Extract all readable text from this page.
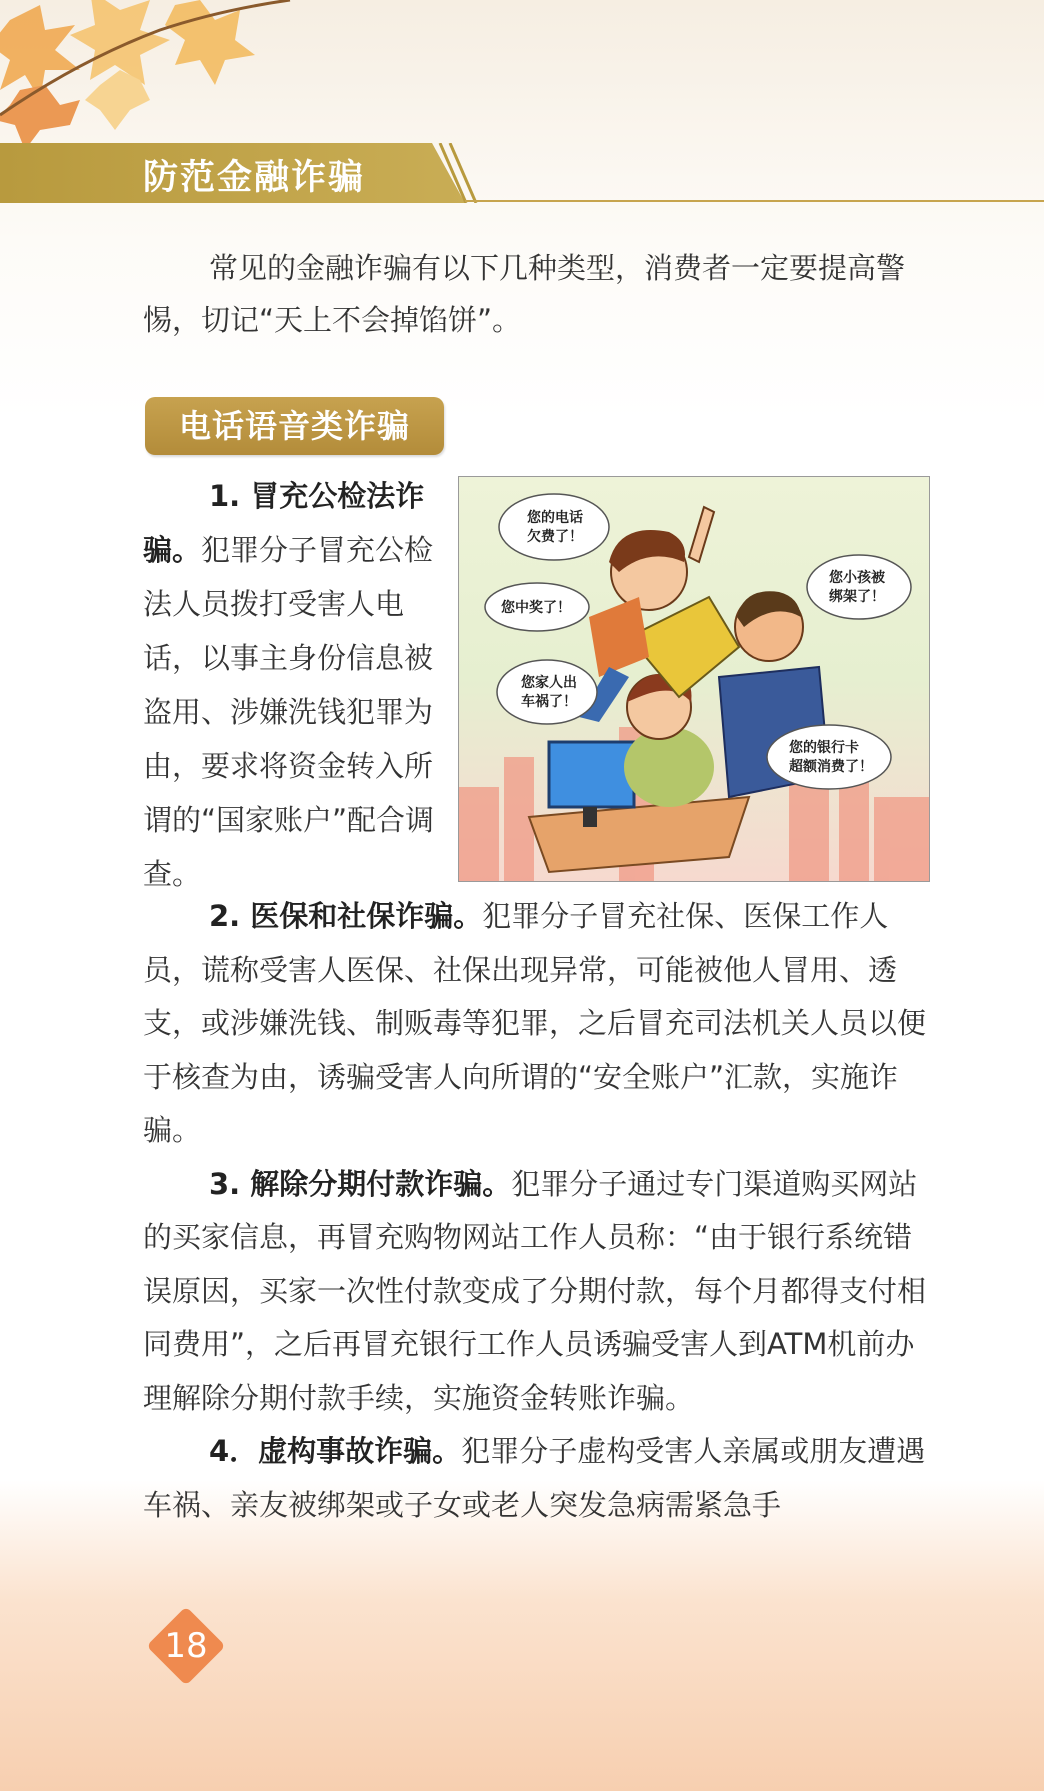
防范金融诈骗
常见的金融诈骗有以下几种类型，消费者一定要提高警惕，切记“天上不会掉馅饼”。
电话语音类诈骗
1. 冒充公检法诈骗。犯罪分子冒充公检法人员拨打受害人电话，以事主身份信息被盗用、涉嫌洗钱犯罪为由，要求将资金转入所谓的“国家账户”配合调查。
您的电话
欠费了！
您中奖了！
您家人出
车祸了！
您小孩被
绑架了！
您的银行卡
超额消费了！

2. 医保和社保诈骗。犯罪分子冒充社保、医保工作人员，谎称受害人医保、社保出现异常，可能被他人冒用、透支，或涉嫌洗钱、制贩毒等犯罪，之后冒充司法机关人员以便于核查为由，诱骗受害人向所谓的“安全账户”汇款，实施诈骗。

3. 解除分期付款诈骗。犯罪分子通过专门渠道购买网站的买家信息，再冒充购物网站工作人员称：“由于银行系统错误原因，买家一次性付款变成了分期付款，每个月都得支付相同费用”，之后再冒充银行工作人员诱骗受害人到ATM机前办理解除分期付款手续，实施资金转账诈骗。

4．虚构事故诈骗。犯罪分子虚构受害人亲属或朋友遭遇车祸、亲友被绑架或子女或老人突发急病需紧急手

18
